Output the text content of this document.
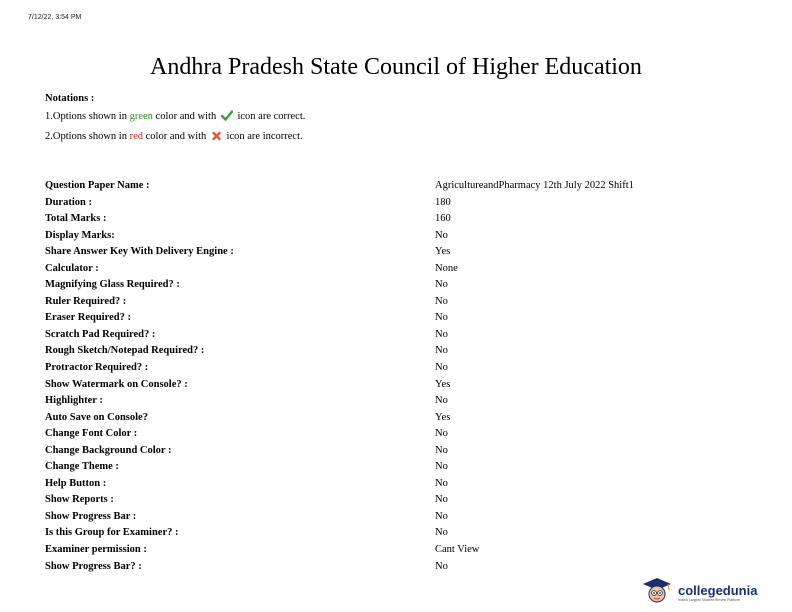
7/12/22, 3:54 PM
Andhra Pradesh State Council of Higher Education
Notations :
1.Options shown in green color and with  icon are correct.
2.Options shown in red color and with  icon are incorrect.
Question Paper Name :	AgricultureandPharmacy 12th July 2022 Shift1
Duration :	180
Total Marks :	160
Display Marks:	No
Share Answer Key With Delivery Engine :	Yes
Calculator :	None
Magnifying Glass Required? :	No
Ruler Required? :	No
Eraser Required? :	No
Scratch Pad Required? :	No
Rough Sketch/Notepad Required? :	No
Protractor Required? :	No
Show Watermark on Console? :	Yes
Highlighter :	No
Auto Save on Console?	Yes
Change Font Color :	No
Change Background Color :	No
Change Theme :	No
Help Button :	No
Show Reports :	No
Show Progress Bar :	No
Is this Group for Examiner? :	No
Examiner permission :	Cant View
Show Progress Bar? :	No
collegedunia
India's Largest Student Review Platform
